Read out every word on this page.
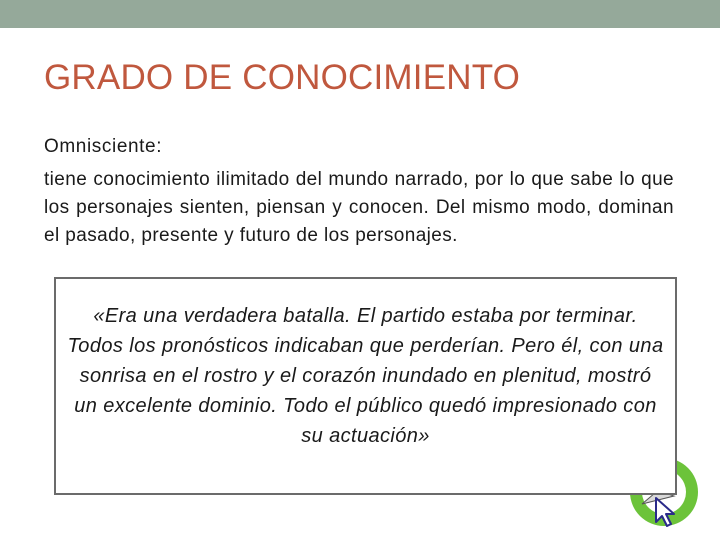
GRADO DE CONOCIMIENTO
Omnisciente:
tiene conocimiento ilimitado del mundo narrado, por lo que sabe lo que los personajes sienten, piensan y conocen. Del mismo modo, dominan el pasado, presente y futuro de los personajes.
«Era una verdadera batalla. El partido estaba por terminar. Todos los pronósticos indicaban que perderían. Pero él, con una sonrisa en el rostro y el corazón inundado en plenitud, mostró un excelente dominio. Todo el público quedó impresionado con su actuación»
